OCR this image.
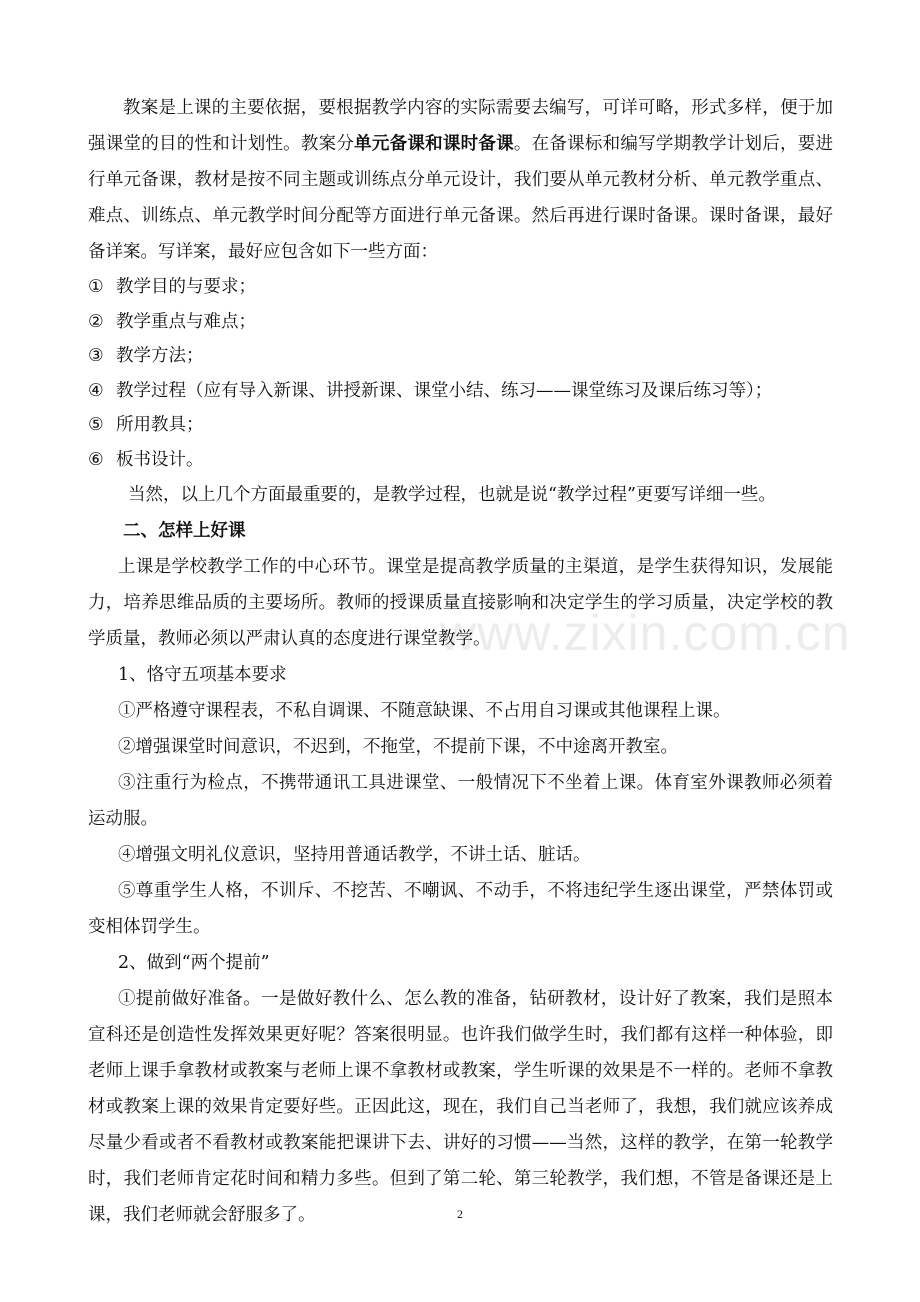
www.zixin.com.cn

教案是上课的主要依据，要根据教学内容的实际需要去编写，可详可略，形式多样，便于加强课堂的目的性和计划性。教案分单元备课和课时备课。在备课标和编写学期教学计划后，要进行单元备课，教材是按不同主题或训练点分单元设计，我们要从单元教材分析、单元教学重点、难点、训练点、单元教学时间分配等方面进行单元备课。然后再进行课时备课。课时备课，最好备详案。写详案，最好应包含如下一些方面：

① 教学目的与要求；

② 教学重点与难点；

③ 教学方法；

④ 教学过程（应有导入新课、讲授新课、课堂小结、练习——课堂练习及课后练习等）；

⑤ 所用教具；

⑥ 板书设计。

当然，以上几个方面最重要的，是教学过程，也就是说“教学过程”更要写详细一些。

二、怎样上好课

上课是学校教学工作的中心环节。课堂是提高教学质量的主渠道，是学生获得知识，发展能力，培养思维品质的主要场所。教师的授课质量直接影响和决定学生的学习质量，决定学校的教学质量，教师必须以严肃认真的态度进行课堂教学。

1、恪守五项基本要求

①严格遵守课程表，不私自调课、不随意缺课、不占用自习课或其他课程上课。

②增强课堂时间意识，不迟到，不拖堂，不提前下课，不中途离开教室。

③注重行为检点，不携带通讯工具进课堂、一般情况下不坐着上课。体育室外课教师必须着运动服。

④增强文明礼仪意识，坚持用普通话教学，不讲土话、脏话。

⑤尊重学生人格，不训斥、不挖苦、不嘲讽、不动手，不将违纪学生逐出课堂，严禁体罚或变相体罚学生。

2、做到“两个提前”

①提前做好准备。一是做好教什么、怎么教的准备，钻研教材，设计好了教案，我们是照本宣科还是创造性发挥效果更好呢？答案很明显。也许我们做学生时，我们都有这样一种体验，即老师上课手拿教材或教案与老师上课不拿教材或教案，学生听课的效果是不一样的。老师不拿教材或教案上课的效果肯定要好些。正因此这，现在，我们自己当老师了，我想，我们就应该养成尽量少看或者不看教材或教案能把课讲下去、讲好的习惯——当然，这样的教学，在第一轮教学时，我们老师肯定花时间和精力多些。但到了第二轮、第三轮教学，我们想，不管是备课还是上课，我们老师就会舒服多了。	2
